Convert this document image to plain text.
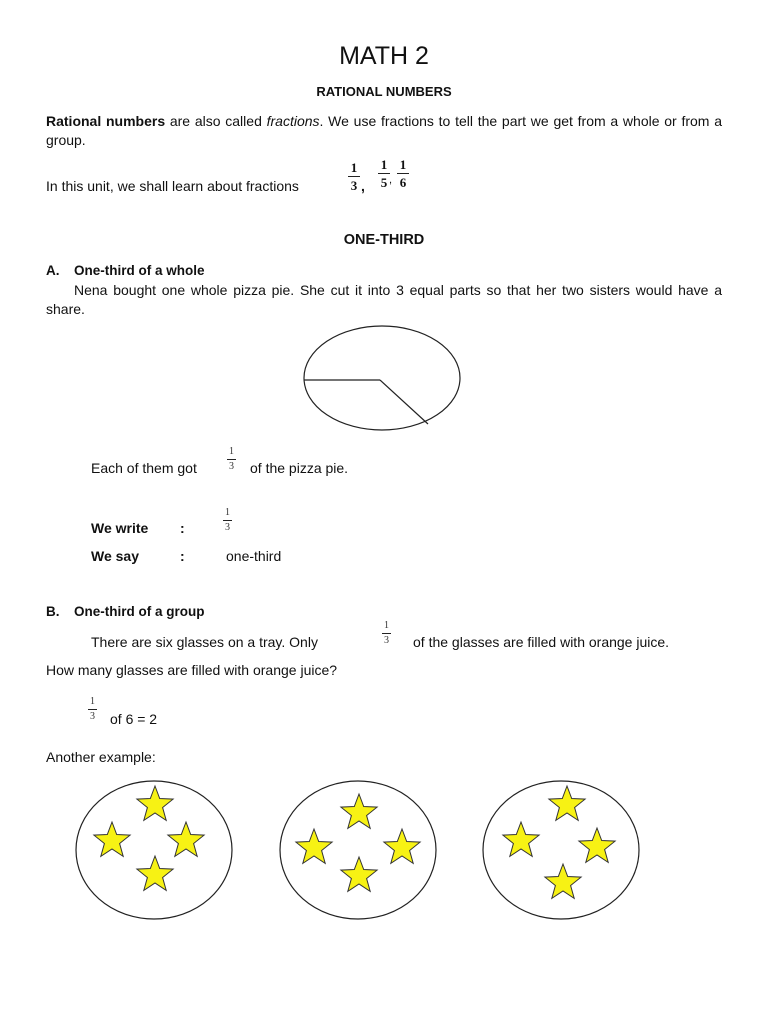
MATH 2
RATIONAL NUMBERS
Rational numbers are also called fractions. We use fractions to tell the part we get from a whole or from a group.
In this unit, we shall learn about fractions
1
3 ,
1
5 ,
1
6
ONE-THIRD
A. One-third of a whole
Nena bought one whole pizza pie. She cut it into 3 equal parts so that her two sisters would have a share.
Each of them got
1
3 of the pizza pie.
We write :
1
3
We say	:	one-third
B. One-third of a group
There are six glasses on a tray. Only
1
3 of the glasses are filled with orange juice.
How many glasses are filled with orange juice?
1
3 of 6 = 2
Another example:
